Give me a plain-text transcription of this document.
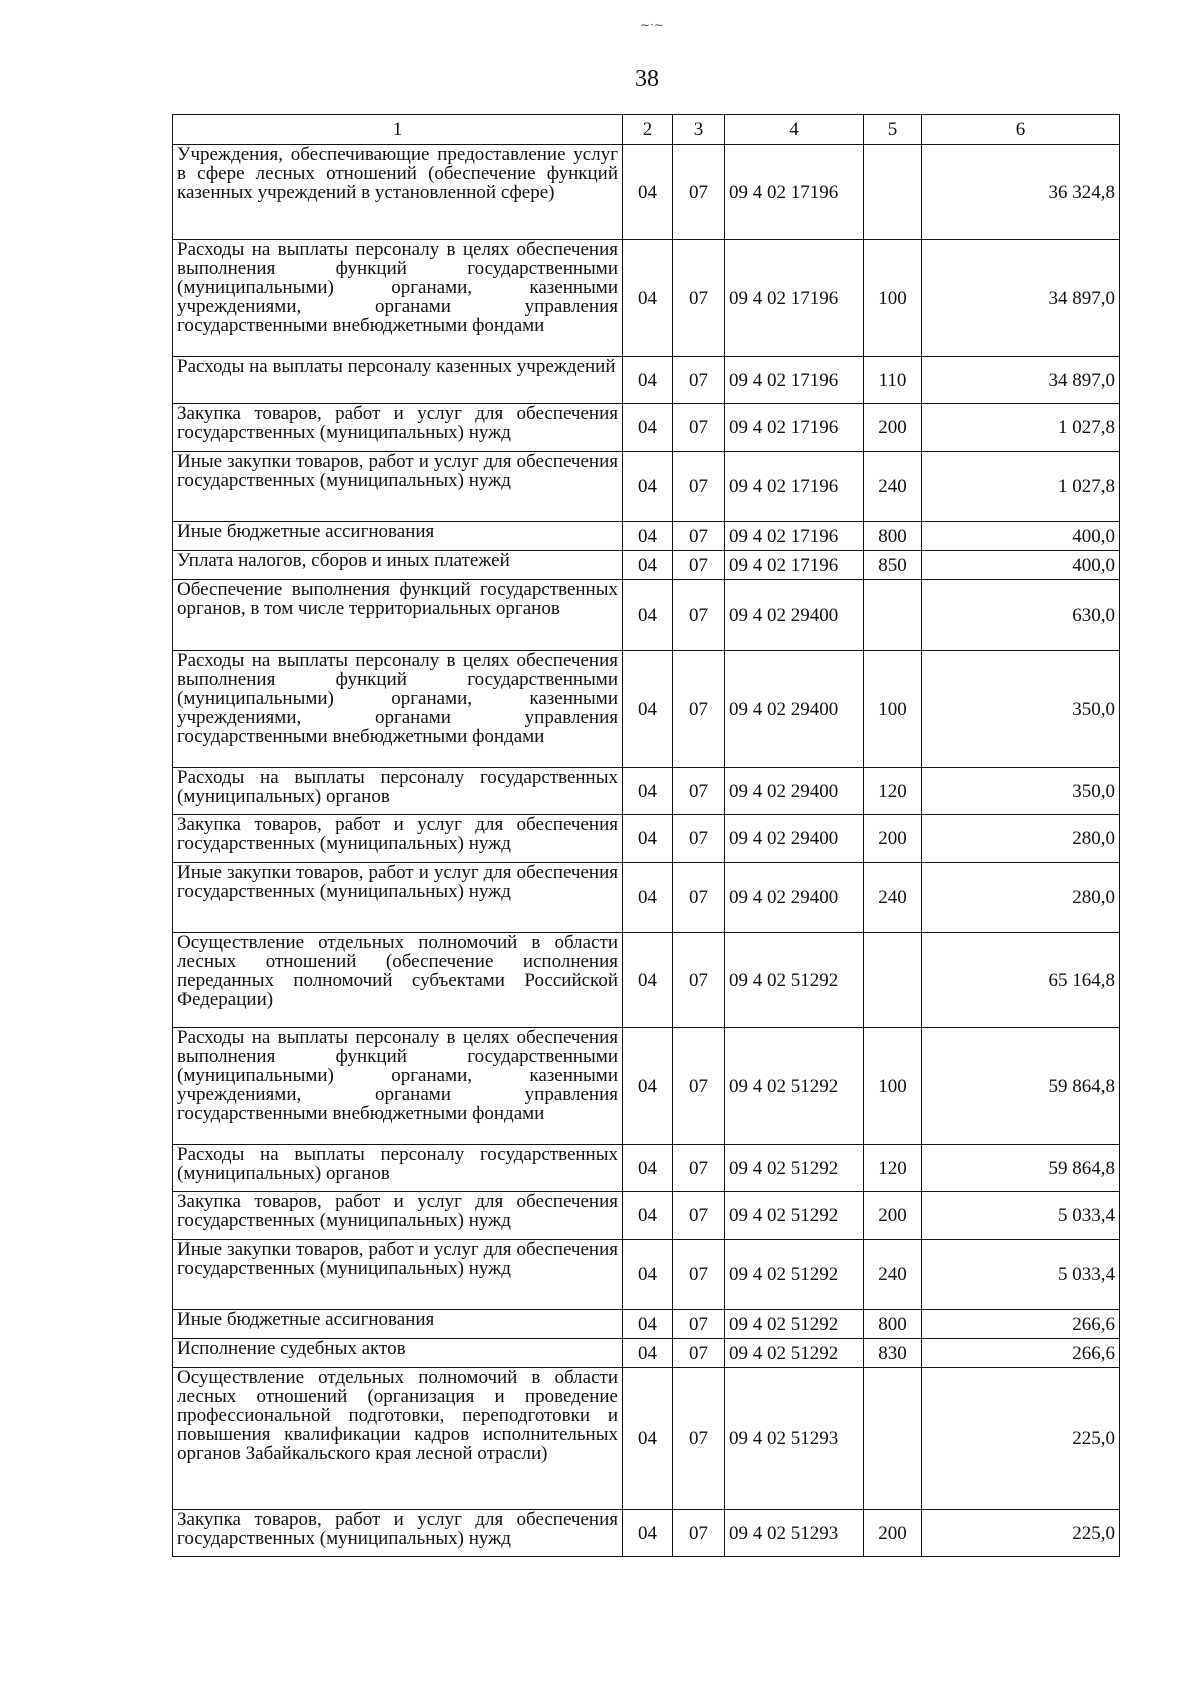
∼‧∼
38
1	2	3	4	5	6
Учреждения, обеспечивающие предоставление услуг в сфере лесных отношений (обеспечение функций казенных учреждений в установленной сфере)	04	07	09 4 02 17196		36 324,8
Расходы на выплаты персоналу в целях обеспечения выполнения функций государственными (муниципальными) органами, казенными учреждениями, органами управления государственными внебюджетными фондами	04	07	09 4 02 17196	100	34 897,0
Расходы на выплаты персоналу казенных учреждений	04	07	09 4 02 17196	110	34 897,0
Закупка товаров, работ и услуг для обеспечения государственных (муниципальных) нужд	04	07	09 4 02 17196	200	1 027,8
Иные закупки товаров, работ и услуг для обеспечения государственных (муниципальных) нужд	04	07	09 4 02 17196	240	1 027,8
Иные бюджетные ассигнования	04	07	09 4 02 17196	800	400,0
Уплата налогов, сборов и иных платежей	04	07	09 4 02 17196	850	400,0
Обеспечение выполнения функций государственных органов, в том числе территориальных органов	04	07	09 4 02 29400		630,0
Расходы на выплаты персоналу в целях обеспечения выполнения функций государственными (муниципальными) органами, казенными учреждениями, органами управления государственными внебюджетными фондами	04	07	09 4 02 29400	100	350,0
Расходы на выплаты персоналу государственных (муниципальных) органов	04	07	09 4 02 29400	120	350,0
Закупка товаров, работ и услуг для обеспечения государственных (муниципальных) нужд	04	07	09 4 02 29400	200	280,0
Иные закупки товаров, работ и услуг для обеспечения государственных (муниципальных) нужд	04	07	09 4 02 29400	240	280,0
Осуществление отдельных полномочий в области лесных отношений (обеспечение исполнения переданных полномочий субъектами Российской Федерации)	04	07	09 4 02 51292		65 164,8
Расходы на выплаты персоналу в целях обеспечения выполнения функций государственными (муниципальными) органами, казенными учреждениями, органами управления государственными внебюджетными фондами	04	07	09 4 02 51292	100	59 864,8
Расходы на выплаты персоналу государственных (муниципальных) органов	04	07	09 4 02 51292	120	59 864,8
Закупка товаров, работ и услуг для обеспечения государственных (муниципальных) нужд	04	07	09 4 02 51292	200	5 033,4
Иные закупки товаров, работ и услуг для обеспечения государственных (муниципальных) нужд	04	07	09 4 02 51292	240	5 033,4
Иные бюджетные ассигнования	04	07	09 4 02 51292	800	266,6
Исполнение судебных актов	04	07	09 4 02 51292	830	266,6
Осуществление отдельных полномочий в области лесных отношений (организация и проведение профессиональной подготовки, переподготовки и повышения квалификации кадров исполнительных органов Забайкальского края лесной отрасли)	04	07	09 4 02 51293		225,0
Закупка товаров, работ и услуг для обеспечения государственных (муниципальных) нужд	04	07	09 4 02 51293	200	225,0
